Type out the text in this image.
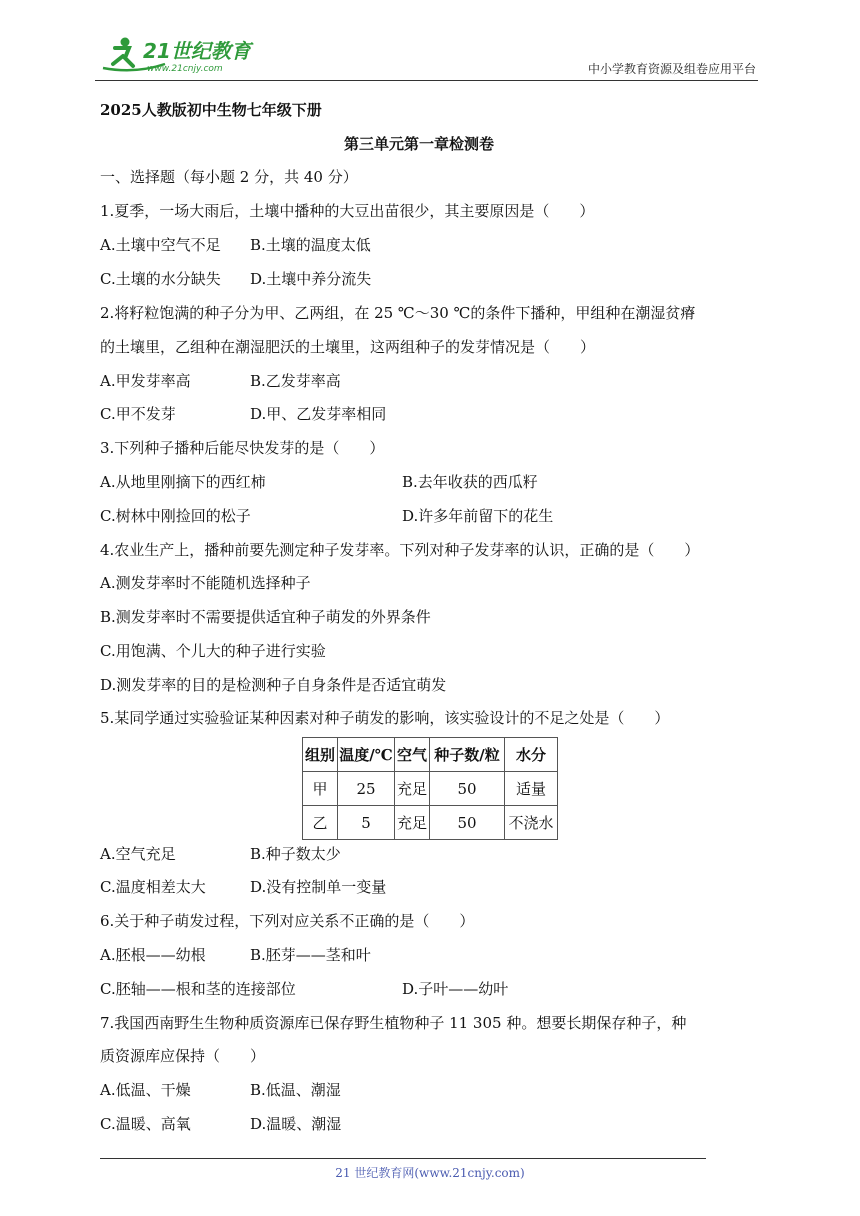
21世纪教育
www.21cnjy.com	中小学教育资源及组卷应用平台
2025人教版初中生物七年级下册
第三单元第一章检测卷
一、选择题（每小题 2 分，共 40 分）
1.夏季，一场大雨后，土壤中播种的大豆出苗很少，其主要原因是（　　）
A.土壤中空气不足 B.土壤的温度太低
C.土壤的水分缺失 D.土壤中养分流失
2.将籽粒饱满的种子分为甲、乙两组，在 25 ℃～30 ℃的条件下播种，甲组种在潮湿贫瘠
的土壤里，乙组种在潮湿肥沃的土壤里，这两组种子的发芽情况是（　　）
A.甲发芽率高	B.乙发芽率高
C.甲不发芽	D.甲、乙发芽率相同
3.下列种子播种后能尽快发芽的是（　　）
A.从地里刚摘下的西红柿	B.去年收获的西瓜籽
C.树林中刚捡回的松子	D.许多年前留下的花生
4.农业生产上，播种前要先测定种子发芽率。下列对种子发芽率的认识，正确的是（　　）
A.测发芽率时不能随机选择种子
B.测发芽率时不需要提供适宜种子萌发的外界条件
C.用饱满、个儿大的种子进行实验
D.测发芽率的目的是检测种子自身条件是否适宜萌发
5.某同学通过实验验证某种因素对种子萌发的影响，该实验设计的不足之处是（　　）
组别	温度/℃	空气	种子数/粒	水分
甲	25	充足	50	适量
乙	5	充足	50	不浇水
A.空气充足	B.种子数太少
C.温度相差太大	D.没有控制单一变量
6.关于种子萌发过程，下列对应关系不正确的是（　　）
A.胚根——幼根	B.胚芽——茎和叶
C.胚轴——根和茎的连接部位	D.子叶——幼叶
7.我国西南野生生物种质资源库已保存野生植物种子 11 305 种。想要长期保存种子，种
质资源库应保持（　　）
A.低温、干燥	B.低温、潮湿
C.温暖、高氧	D.温暖、潮湿
21 世纪教育网(www.21cnjy.com)
